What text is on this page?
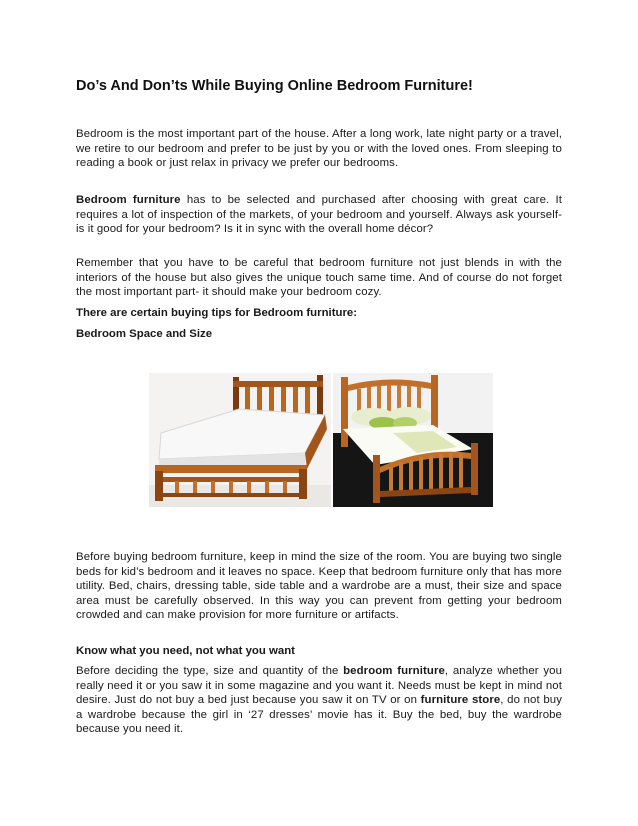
Do’s And Don’ts While Buying Online Bedroom Furniture!

Bedroom is the most important part of the house. After a long work, late night party or a travel, we retire to our bedroom and prefer to be just by you or with the loved ones. From sleeping to reading a book or just relax in privacy we prefer our bedrooms.

Bedroom furniture has to be selected and purchased after choosing with great care. It requires a lot of inspection of the markets, of your bedroom and yourself. Always ask yourself- is it good for your bedroom? Is it in sync with the overall home décor?

Remember that you have to be careful that bedroom furniture not just blends in with the interiors of the house but also gives the unique touch same time. And of course do not forget the most important part- it should make your bedroom cozy.

There are certain buying tips for Bedroom furniture:

Bedroom Space and Size

Before buying bedroom furniture, keep in mind the size of the room. You are buying two single beds for kid’s bedroom and it leaves no space. Keep that bedroom furniture only that has more utility. Bed, chairs, dressing table, side table and a wardrobe are a must, their size and space area must be carefully observed. In this way you can prevent from getting your bedroom crowded and can make provision for more furniture or artifacts.

Know what you need, not what you want

Before deciding the type, size and quantity of the bedroom furniture, analyze whether you really need it or you saw it in some magazine and you want it. Needs must be kept in mind not desire. Just do not buy a bed just because you saw it on TV or on furniture store, do not buy a wardrobe because the girl in ‘27 dresses’ movie has it. Buy the bed, buy the wardrobe because you need it.
